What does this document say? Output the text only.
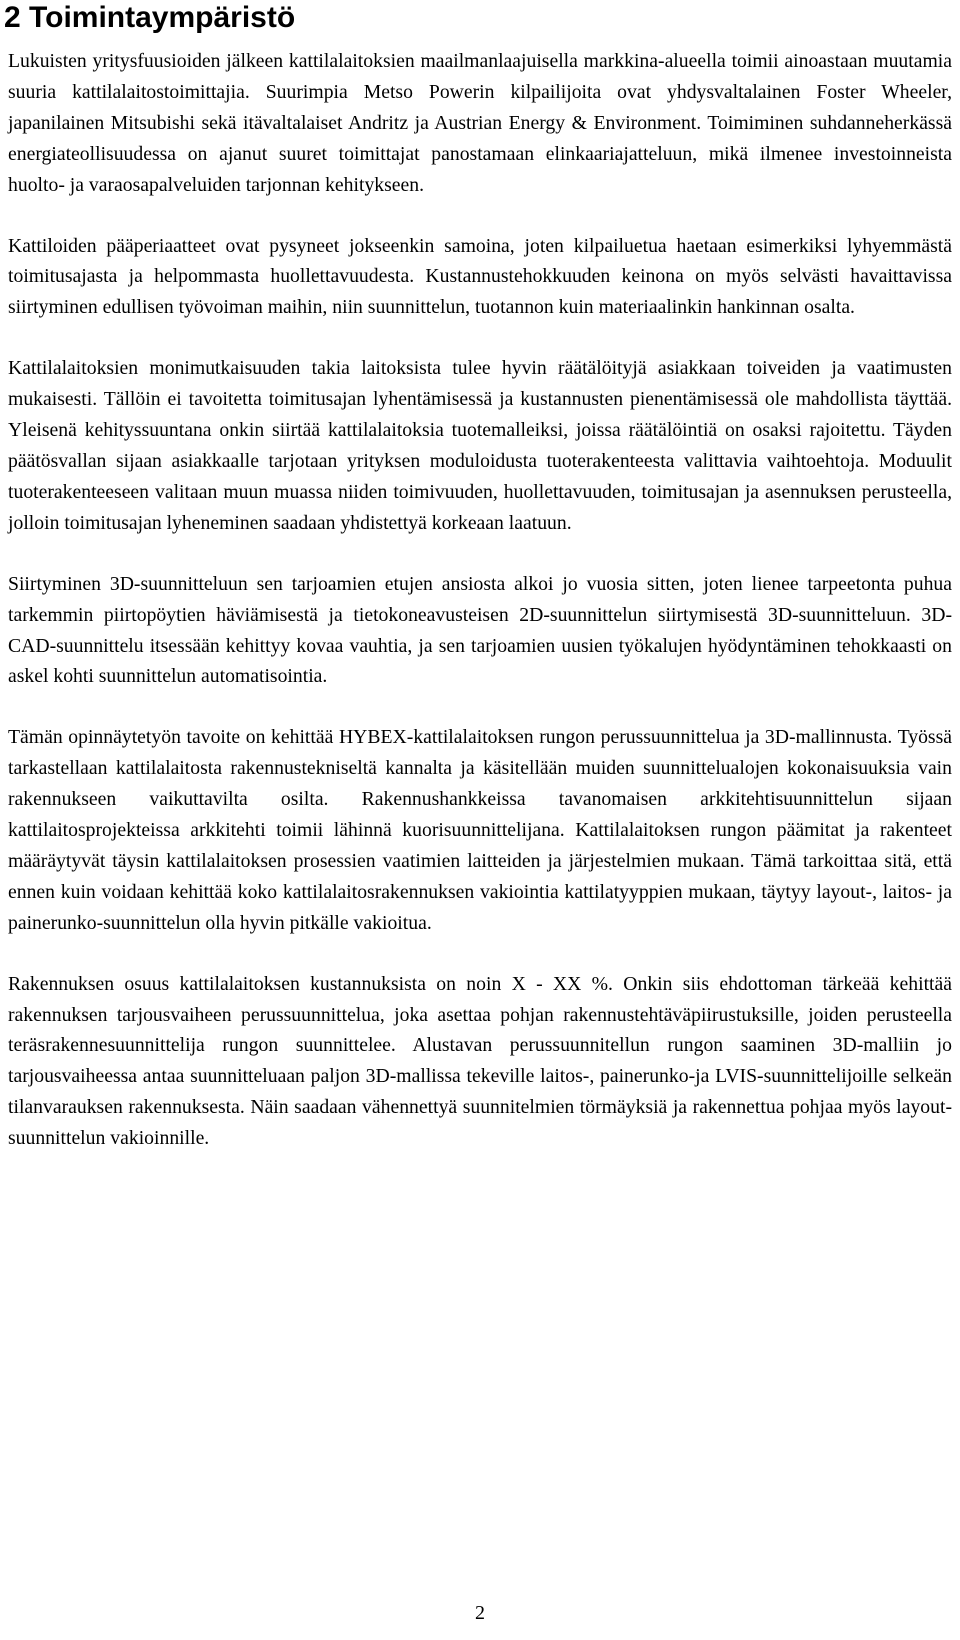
2 Toimintaympäristö

Lukuisten yritysfuusioiden jälkeen kattilalaitoksien maailmanlaajuisella markkina-alueella toimii ainoastaan muutamia suuria kattilalaitostoimittajia. Suurimpia Metso Powerin kilpailijoita ovat yhdysvaltalainen Foster Wheeler, japanilainen Mitsubishi sekä itävaltalaiset Andritz ja Austrian Energy & Environment. Toimiminen suhdanneherkässä energiateollisuudessa on ajanut suuret toimittajat panostamaan elinkaariajatteluun, mikä ilmenee investoinneista huolto- ja varaosapalveluiden tarjonnan kehitykseen.

Kattiloiden pääperiaatteet ovat pysyneet jokseenkin samoina, joten kilpailuetua haetaan esimerkiksi lyhyemmästä toimitusajasta ja helpommasta huollettavuudesta. Kustannustehokkuuden keinona on myös selvästi havaittavissa siirtyminen edullisen työvoiman maihin, niin suunnittelun, tuotannon kuin materiaalinkin hankinnan osalta.

Kattilalaitoksien monimutkaisuuden takia laitoksista tulee hyvin räätälöityjä asiakkaan toiveiden ja vaatimusten mukaisesti. Tällöin ei tavoitetta toimitusajan lyhentämisessä ja kustannusten pienentämisessä ole mahdollista täyttää. Yleisenä kehityssuuntana onkin siirtää kattilalaitoksia tuotemalleiksi, joissa räätälöintiä on osaksi rajoitettu. Täyden päätösvallan sijaan asiakkaalle tarjotaan yrityksen moduloidusta tuoterakenteesta valittavia vaihtoehtoja. Moduulit tuoterakenteeseen valitaan muun muassa niiden toimivuuden, huollettavuuden, toimitusajan ja asennuksen perusteella, jolloin toimitusajan lyheneminen saadaan yhdistettyä korkeaan laatuun.

Siirtyminen 3D-suunnitteluun sen tarjoamien etujen ansiosta alkoi jo vuosia sitten, joten lienee tarpeetonta puhua tarkemmin piirtopöytien häviämisestä ja tietokoneavusteisen 2D-suunnittelun siirtymisestä 3D-suunnitteluun. 3D-CAD-suunnittelu itsessään kehittyy kovaa vauhtia, ja sen tarjoamien uusien työkalujen hyödyntäminen tehokkaasti on askel kohti suunnittelun automatisointia.

Tämän opinnäytetyön tavoite on kehittää HYBEX-kattilalaitoksen rungon perussuunnittelua ja 3D-mallinnusta. Työssä tarkastellaan kattilalaitosta rakennustekniseltä kannalta ja käsitellään muiden suunnittelualojen kokonaisuuksia vain rakennukseen vaikuttavilta osilta. Rakennushankkeissa tavanomaisen arkkitehtisuunnittelun sijaan kattilaitosprojekteissa arkkitehti toimii lähinnä kuorisuunnittelijana. Kattilalaitoksen rungon päämitat ja rakenteet määräytyvät täysin kattilalaitoksen prosessien vaatimien laitteiden ja järjestelmien mukaan. Tämä tarkoittaa sitä, että ennen kuin voidaan kehittää koko kattilalaitosrakennuksen vakiointia kattilatyyppien mukaan, täytyy layout-, laitos- ja painerunko-suunnittelun olla hyvin pitkälle vakioitua.

Rakennuksen osuus kattilalaitoksen kustannuksista on noin X - XX %. Onkin siis ehdottoman tärkeää kehittää rakennuksen tarjousvaiheen perussuunnittelua, joka asettaa pohjan rakennustehtäväpiirustuksille, joiden perusteella teräsrakennesuunnittelija rungon suunnittelee. Alustavan perussuunnitellun rungon saaminen 3D-malliin jo tarjousvaiheessa antaa suunnitteluaan paljon 3D-mallissa tekeville laitos-, painerunko-ja LVIS-suunnittelijoille selkeän tilanvarauksen rakennuksesta. Näin saadaan vähennettyä suunnitelmien törmäyksiä ja rakennettua pohjaa myös layout-suunnittelun vakioinnille.

2
